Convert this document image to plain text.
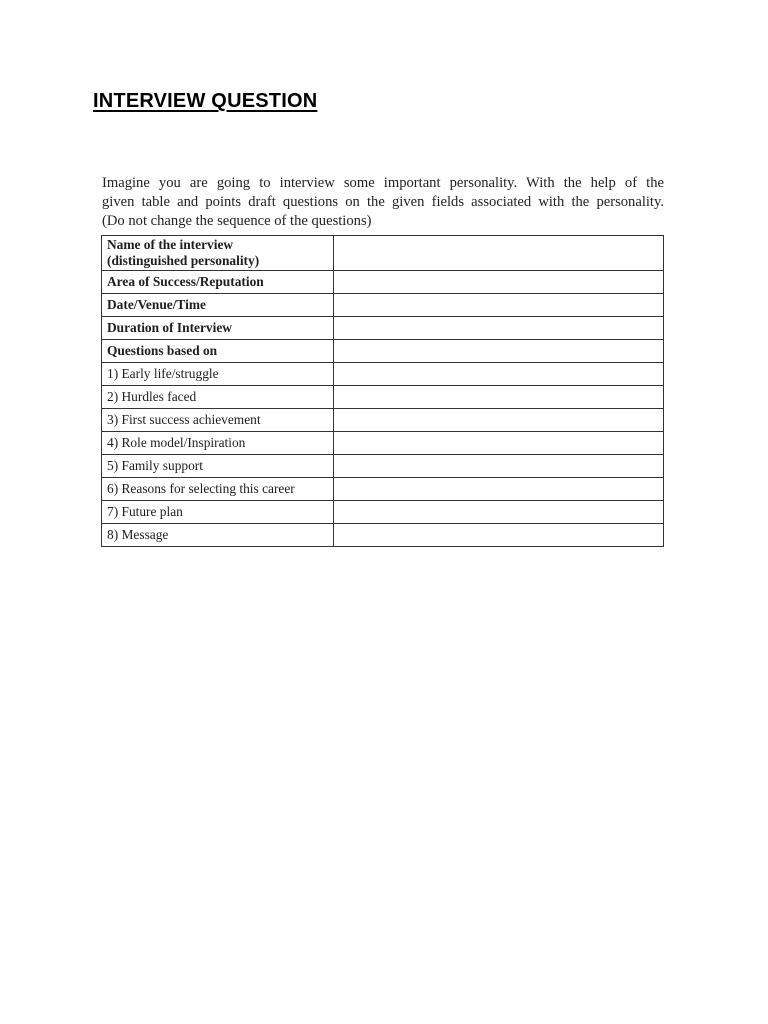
INTERVIEW QUESTION

Imagine you are going to interview some important personality. With the help of the
given table and points draft questions on the given fields associated with the personality.
(Do not change the sequence of the questions)

Name of the interview
(distinguished personality)	
Area of Success/Reputation	
Date/Venue/Time	
Duration of Interview	
Questions based on	
1) Early life/struggle	
2) Hurdles faced	
3) First success achievement	
4) Role model/Inspiration	
5) Family support	
6) Reasons for selecting this career	
7) Future plan	
8) Message	
